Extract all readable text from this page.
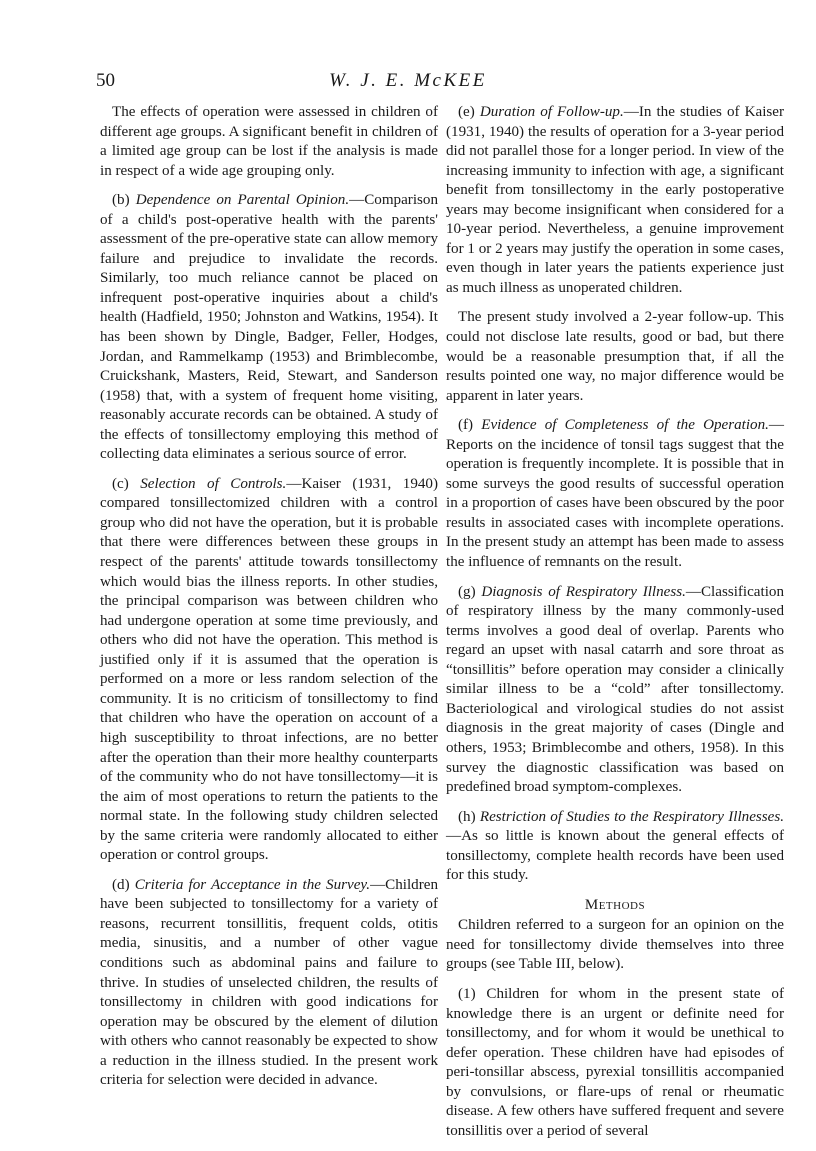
50	W. J. E. McKEE

The effects of operation were assessed in children of different age groups. A significant benefit in children of a limited age group can be lost if the analysis is made in respect of a wide age grouping only.

(b) Dependence on Parental Opinion.—Comparison of a child's post-operative health with the parents' assessment of the pre-operative state can allow memory failure and prejudice to invalidate the records. Similarly, too much reliance cannot be placed on infrequent post-operative inquiries about a child's health (Hadfield, 1950; Johnston and Watkins, 1954). It has been shown by Dingle, Badger, Feller, Hodges, Jordan, and Rammelkamp (1953) and Brimblecombe, Cruickshank, Masters, Reid, Stewart, and Sanderson (1958) that, with a system of frequent home visiting, reasonably accurate records can be obtained. A study of the effects of tonsillectomy employing this method of collecting data eliminates a serious source of error.

(c) Selection of Controls.—Kaiser (1931, 1940) compared tonsillectomized children with a control group who did not have the operation, but it is probable that there were differences between these groups in respect of the parents' attitude towards tonsillectomy which would bias the illness reports. In other studies, the principal comparison was between children who had undergone operation at some time previously, and others who did not have the operation. This method is justified only if it is assumed that the operation is performed on a more or less random selection of the community. It is no criticism of tonsillectomy to find that children who have the operation on account of a high susceptibility to throat infections, are no better after the operation than their more healthy counterparts of the community who do not have tonsillectomy—it is the aim of most operations to return the patients to the normal state. In the following study children selected by the same criteria were randomly allocated to either operation or control groups.

(d) Criteria for Acceptance in the Survey.—Children have been subjected to tonsillectomy for a variety of reasons, recurrent tonsillitis, frequent colds, otitis media, sinusitis, and a number of other vague conditions such as abdominal pains and failure to thrive. In studies of unselected children, the results of tonsillectomy in children with good indications for operation may be obscured by the element of dilution with others who cannot reasonably be expected to show a reduction in the illness studied. In the present work criteria for selection were decided in advance.

(e) Duration of Follow-up.—In the studies of Kaiser (1931, 1940) the results of operation for a 3-year period did not parallel those for a longer period. In view of the increasing immunity to infection with age, a significant benefit from tonsillectomy in the early postoperative years may become insignificant when considered for a 10-year period. Nevertheless, a genuine improvement for 1 or 2 years may justify the operation in some cases, even though in later years the patients experience just as much illness as unoperated children.

The present study involved a 2-year follow-up. This could not disclose late results, good or bad, but there would be a reasonable presumption that, if all the results pointed one way, no major difference would be apparent in later years.

(f) Evidence of Completeness of the Operation.— Reports on the incidence of tonsil tags suggest that the operation is frequently incomplete. It is possible that in some surveys the good results of successful operation in a proportion of cases have been obscured by the poor results in associated cases with incomplete operations. In the present study an attempt has been made to assess the influence of remnants on the result.

(g) Diagnosis of Respiratory Illness.—Classification of respiratory illness by the many commonly-used terms involves a good deal of overlap. Parents who regard an upset with nasal catarrh and sore throat as “tonsillitis” before operation may consider a clinically similar illness to be a “cold” after tonsillectomy. Bacteriological and virological studies do not assist diagnosis in the great majority of cases (Dingle and others, 1953; Brimblecombe and others, 1958). In this survey the diagnostic classification was based on predefined broad symptom-complexes.

(h) Restriction of Studies to the Respiratory Illnesses.—As so little is known about the general effects of tonsillectomy, complete health records have been used for this study.

Methods

Children referred to a surgeon for an opinion on the need for tonsillectomy divide themselves into three groups (see Table III, below).

(1) Children for whom in the present state of knowledge there is an urgent or definite need for tonsillectomy, and for whom it would be unethical to defer operation. These children have had episodes of peri-tonsillar abscess, pyrexial tonsillitis accompanied by convulsions, or flare-ups of renal or rheumatic disease. A few others have suffered frequent and severe tonsillitis over a period of several
